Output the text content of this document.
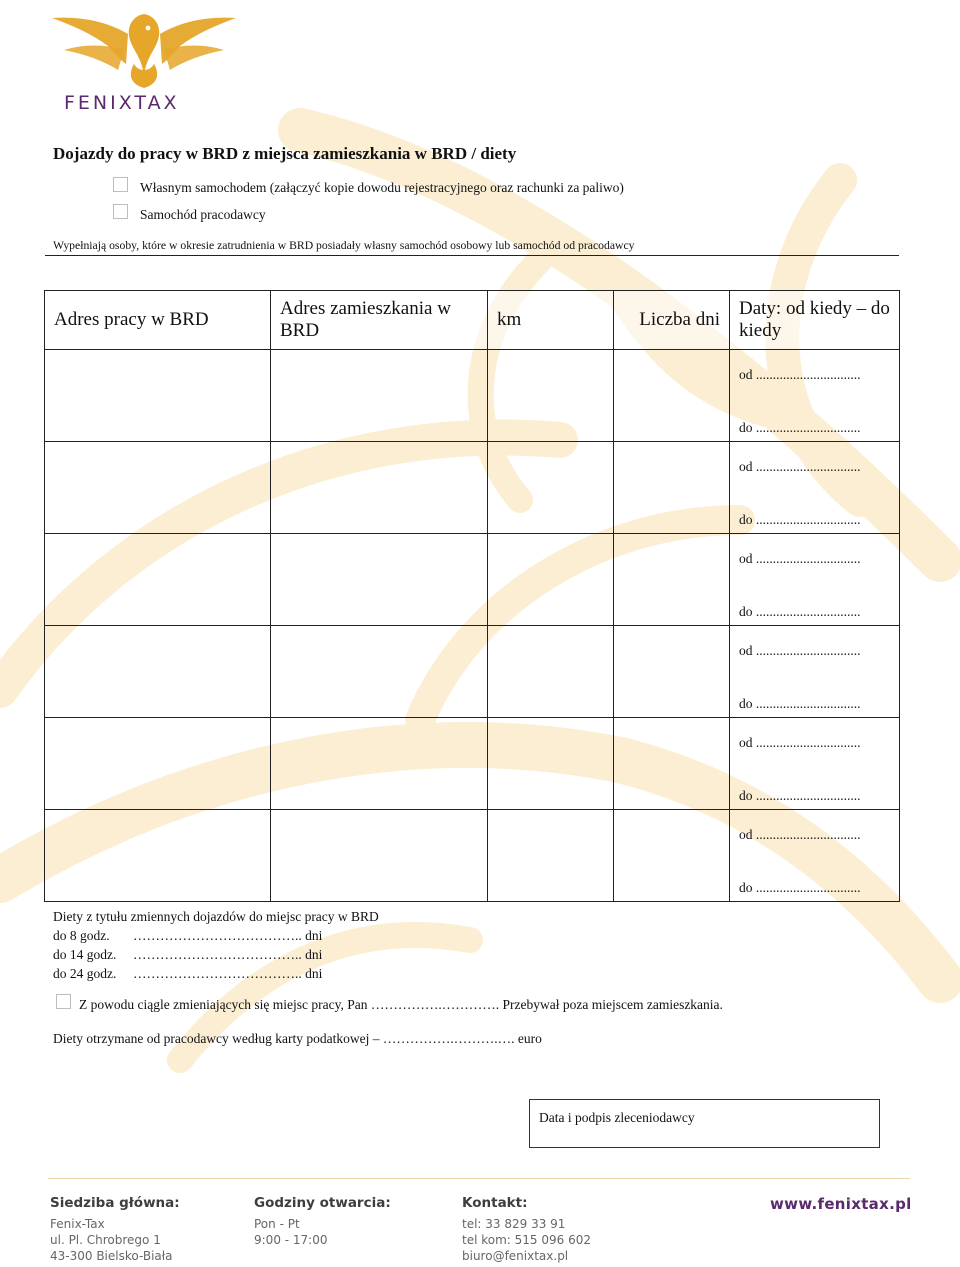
FENIXTAX
Dojazdy do pracy w BRD z miejsca zamieszkania w BRD / diety
Własnym samochodem (załączyć kopie dowodu rejestracyjnego oraz rachunki za paliwo)
Samochód pracodawcy
Wypełniają osoby, które w okresie zatrudnienia w BRD posiadały własny samochód osobowy lub samochód od pracodawcy
Adres pracy w BRD	Adres zamieszkania w BRD	km	Liczba dni	Daty: od kiedy – do kiedy

				od ...............................
do ...............................

				od ...............................
do ...............................

				od ...............................
do ...............................

				od ...............................
do ...............................

				od ...............................
do ...............................

				od ...............................
do ...............................
Diety z tytułu zmiennych dojazdów do miejsc pracy w BRD
do 8 godz.	……………………………….. dni
do 14 godz.	……………………………….. dni
do 24 godz.	……………………………….. dni
Z powodu ciągle zmieniających się miejsc pracy, Pan …………….…………. Przebywał poza miejscem zamieszkania.
Diety otrzymane od pracodawcy według karty podatkowej – …………….……….…. euro
Data i podpis zleceniodawcy
Siedziba główna:
Fenix-Tax
ul. Pl. Chrobrego 1
43-300 Bielsko-Biała
Godziny otwarcia:
Pon - Pt
9:00 - 17:00
Kontakt:
tel: 33 829 33 91
tel kom: 515 096 602
biuro@fenixtax.pl
www.fenixtax.pl
